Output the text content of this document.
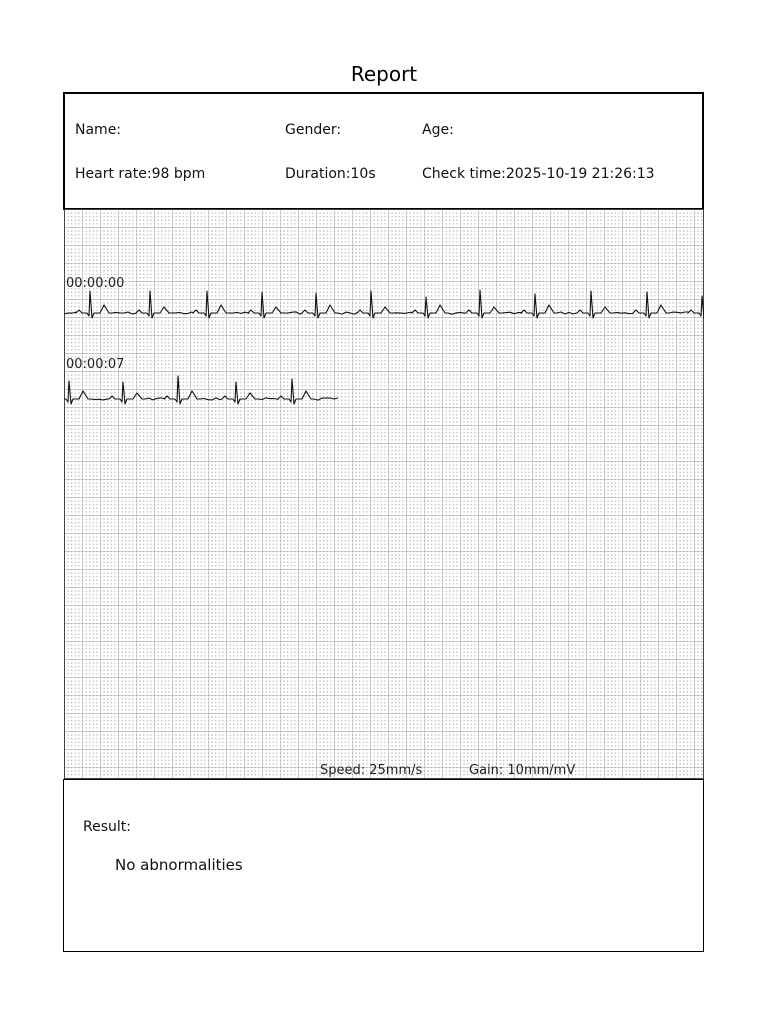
Report
Name:	Gender:	Age:
Heart rate:98 bpm	Duration:10s	Check time:2025-10-19 21:26:13
00:00:00
00:00:07
Speed: 25mm/s	Gain: 10mm/mV
Result:
No abnormalities
